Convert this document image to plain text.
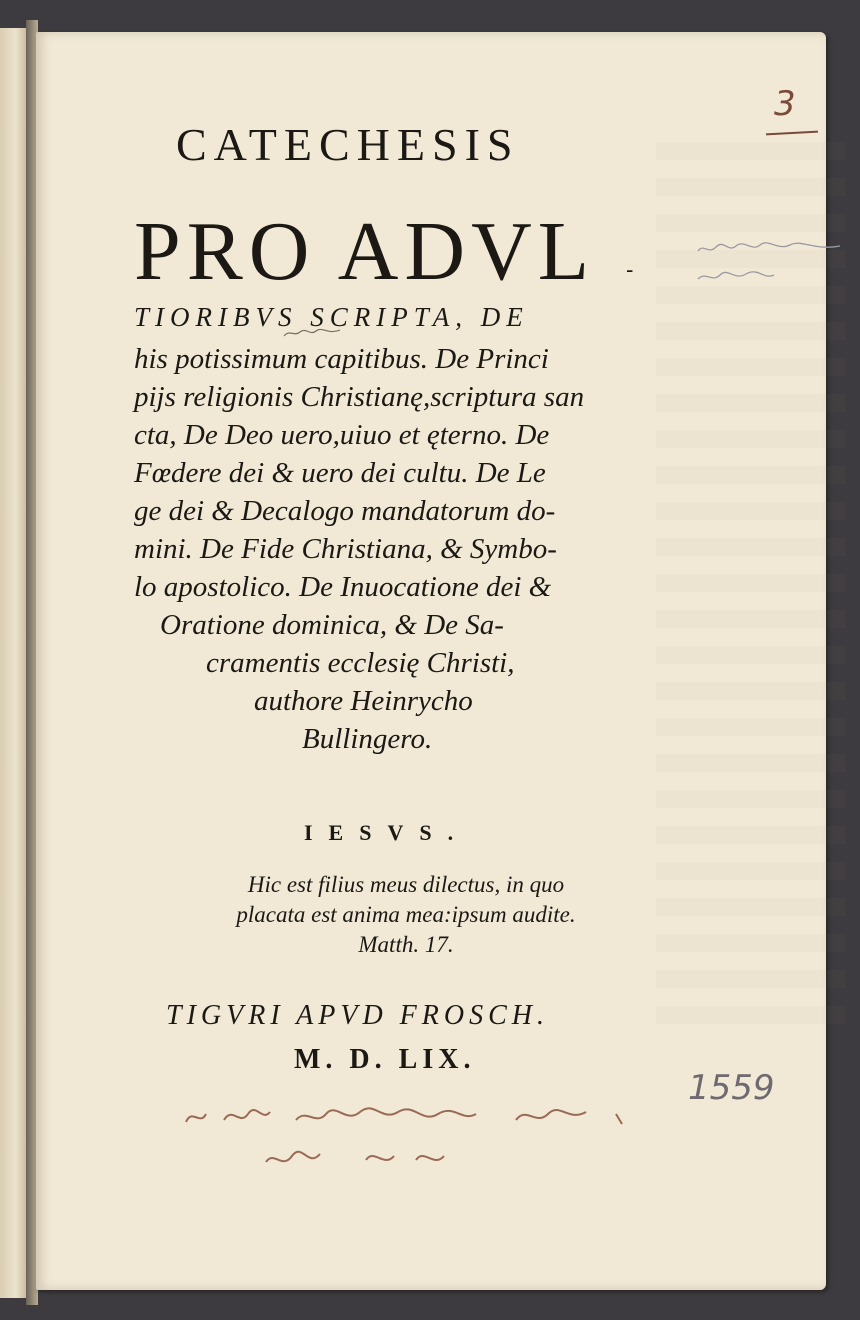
CATECHESIS
PRO ADVL -
TIORIBVS SCRIPTA, DE
his potissimum capitibus. De Princi
pijs religionis Christianę,scriptura san
cta, De Deo uero,uiuo et ęterno. De
Fœdere dei & uero dei cultu. De Le
ge dei & Decalogo mandatorum do-
mini. De Fide Christiana, & Symbo-
lo apostolico. De Inuocatione dei &
Oratione dominica, & De Sa-
cramentis ecclesię Christi,
authore Heinrycho
Bullingero.
IESVS.
Hic est filius meus dilectus, in quo
placata est anima mea:ipsum audite.
Matth. 17.
TIGVRI APVD FROSCH.
M. D. LIX.
3
1559
